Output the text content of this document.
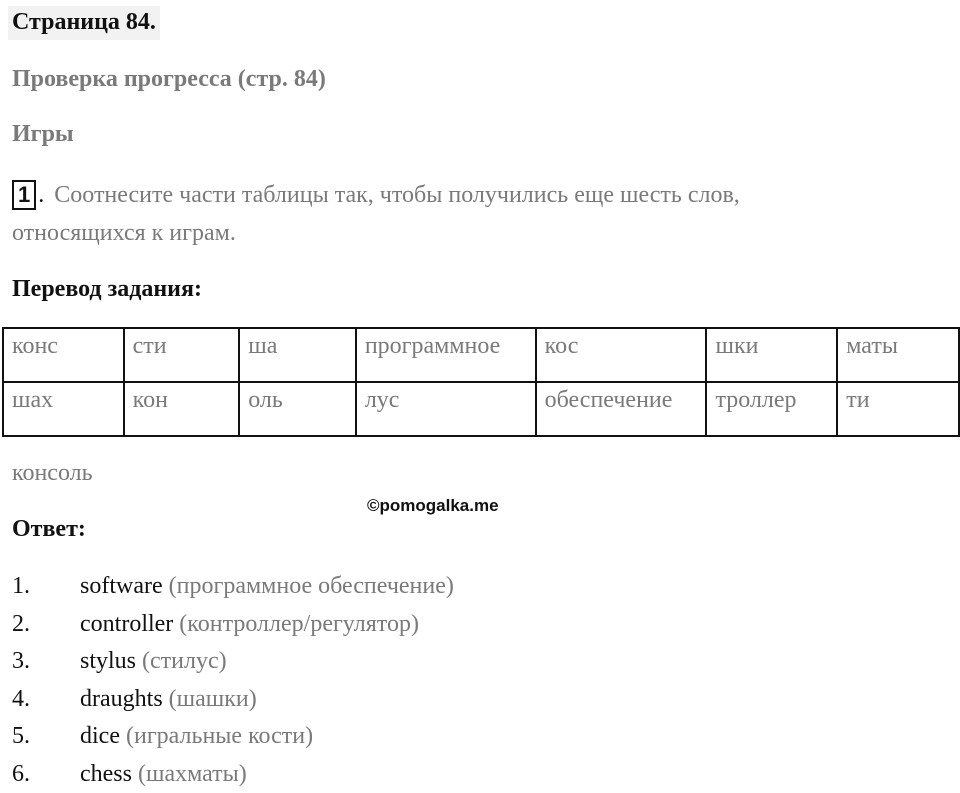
Страница 84.
Проверка прогресса (стр. 84)
Игры
1 . Соотнесите части таблицы так, чтобы получились еще шесть слов,
относящихся к играм.
Перевод задания:
конс	сти	ша	программное	кос	шки	маты
шах	кон	оль	лус	обеспечение	троллер	ти
консоль
©pomogalka.me
Ответ:
1. software (программное обеспечение)
2. controller (контроллер/регулятор)
3. stylus (стилус)
4. draughts (шашки)
5. dice (игральные кости)
6. chess (шахматы)
